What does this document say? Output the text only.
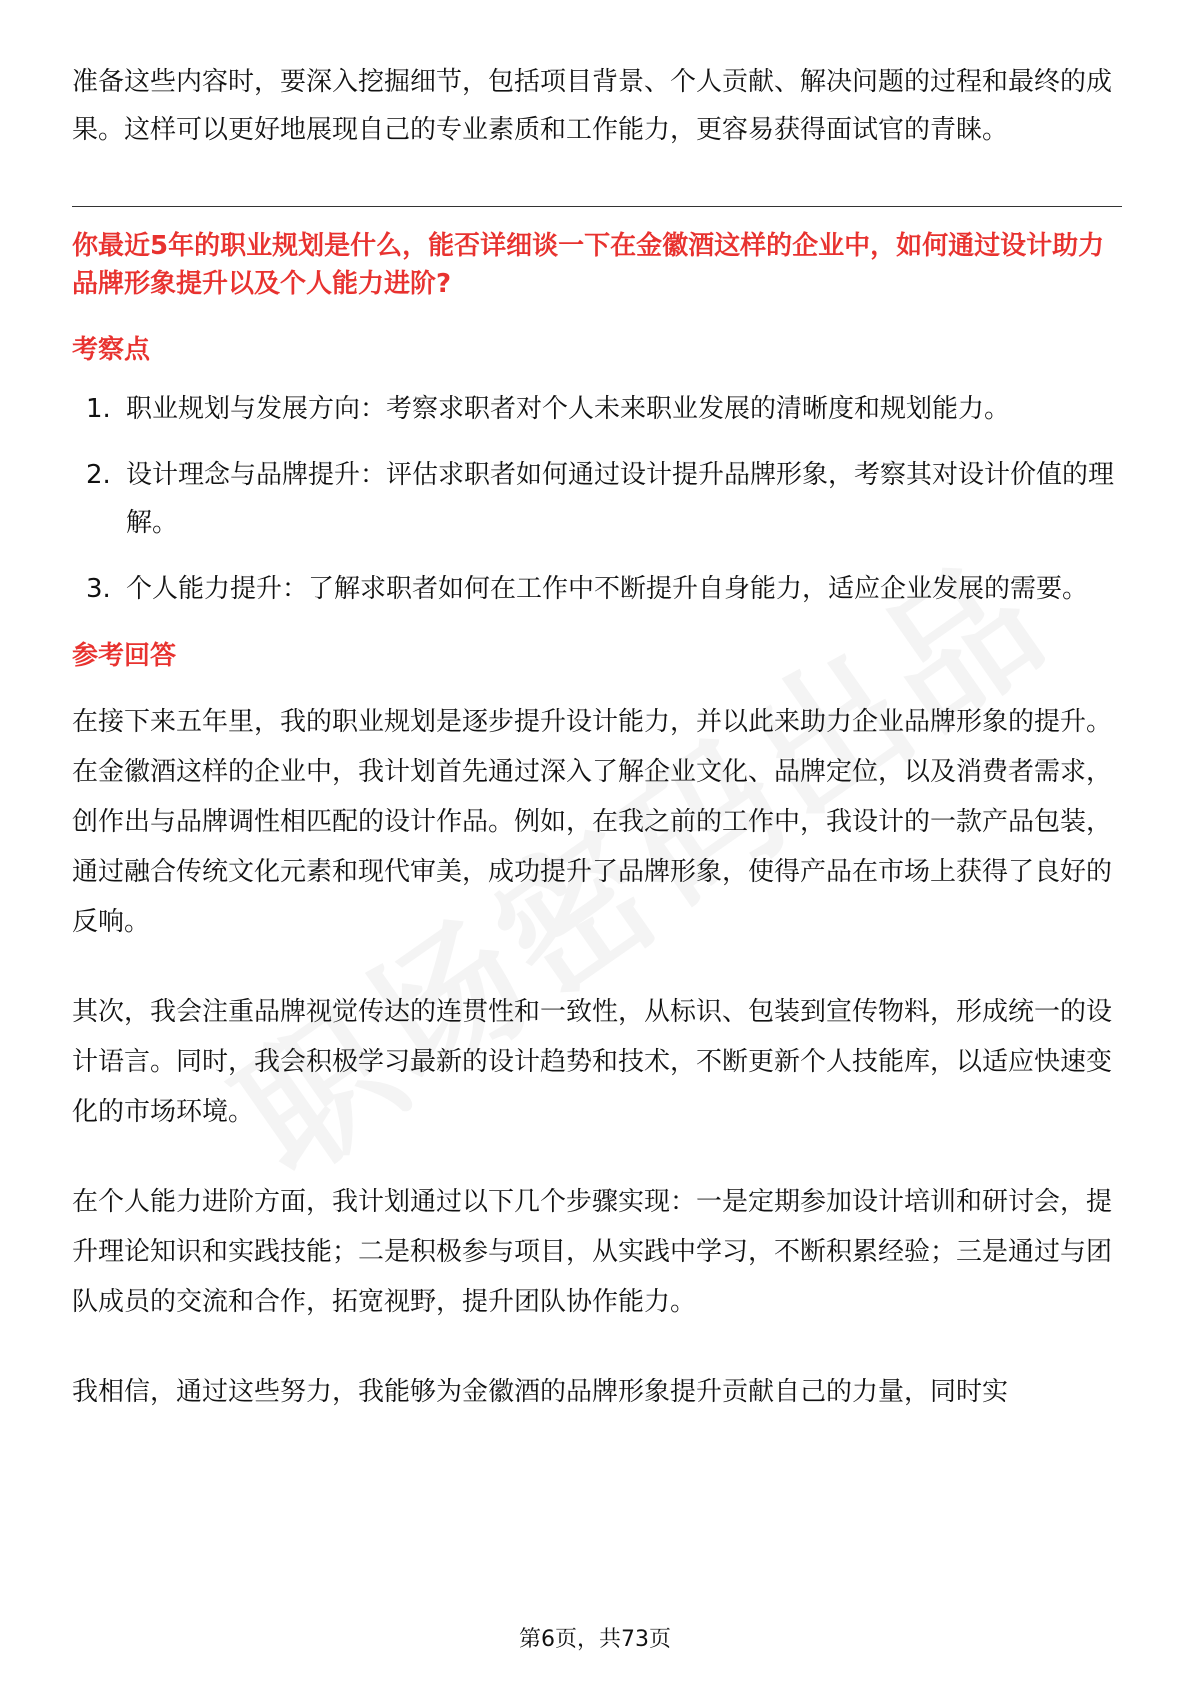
准备这些内容时，要深入挖掘细节，包括项目背景、个人贡献、解决问题的过程和最终的成果。这样可以更好地展现自己的专业素质和工作能力，更容易获得面试官的青睐。

你最近5年的职业规划是什么，能否详细谈一下在金徽酒这样的企业中，如何通过设计助力品牌形象提升以及个人能力进阶?

考察点
1. 职业规划与发展方向：考察求职者对个人未来职业发展的清晰度和规划能力。
2. 设计理念与品牌提升：评估求职者如何通过设计提升品牌形象，考察其对设计价值的理解。
3. 个人能力提升：了解求职者如何在工作中不断提升自身能力，适应企业发展的需要。
参考回答

在接下来五年里，我的职业规划是逐步提升设计能力，并以此来助力企业品牌形象的提升。在金徽酒这样的企业中，我计划首先通过深入了解企业文化、品牌定位，以及消费者需求，创作出与品牌调性相匹配的设计作品。例如，在我之前的工作中，我设计的一款产品包装，通过融合传统文化元素和现代审美，成功提升了品牌形象，使得产品在市场上获得了良好的反响。

其次，我会注重品牌视觉传达的连贯性和一致性，从标识、包装到宣传物料，形成统一的设计语言。同时，我会积极学习最新的设计趋势和技术，不断更新个人技能库，以适应快速变化的市场环境。

在个人能力进阶方面，我计划通过以下几个步骤实现：一是定期参加设计培训和研讨会，提升理论知识和实践技能；二是积极参与项目，从实践中学习，不断积累经验；三是通过与团队成员的交流和合作，拓宽视野，提升团队协作能力。

我相信，通过这些努力，我能够为金徽酒的品牌形象提升贡献自己的力量，同时实

第6页，共73页
